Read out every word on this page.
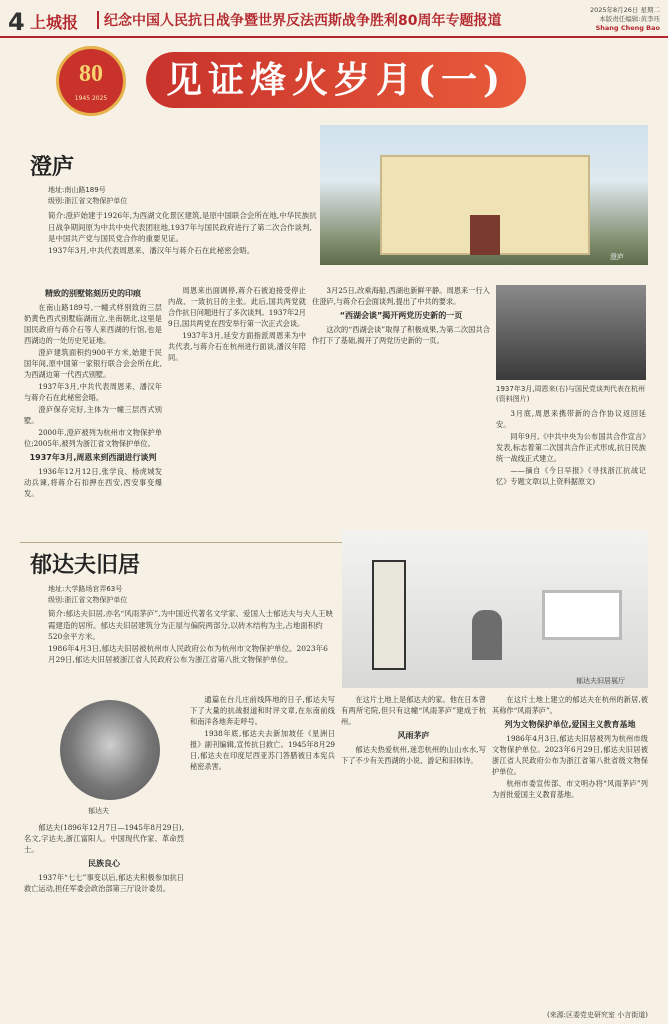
4 上城报 纪念中国人民抗日战争暨世界反法西斯战争胜利80周年专题报道
2025年8月26日 星期二
本版责任编辑:黄李珏
Shang Cheng Bao
80
1945 2025	见证烽火岁月(一)
澄庐

地址:南山路189号

级别:浙江省文物保护单位

简介:澄庐始建于1926年,为西湖文化景区建筑,是原中国联合会所在地,中华民族抗日战争期间原为中共中央代表团驻地,1937年与国民政府进行了第二次合作谈判,是中国共产党与国民党合作的重要见证。

1937年3月,中共代表周恩来、潘汉年与蒋介石在此秘密会晤。

澄庐
精致的别墅铭刻历史的印痕

在南山路189号,一幢式样别致的三层奶黄色西式别墅临湖而立,坐南朝北,这里是国民政府与蒋介石等人来西湖的行馆,也是西湖边的一处历史见证地。

澄庐建筑面积约900平方米,始建于民国年间,原中国第一家银行联合会会所在此,为西湖边第一代西式别墅。

1937年3月,中共代表周恩来、潘汉年与蒋介石在此秘密会晤。

澄庐保存完好,主体为一幢三层西式别墅。

2000年,澄庐被列为杭州市文物保护单位;2005年,被列为浙江省文物保护单位。

1937年3月,周恩来到西湖进行谈判

1936年12月12日,张学良、杨虎城发动兵谏,将蒋介石扣押在西安,西安事变爆发。

周恩来出面调停,蒋介石被迫接受停止内战、一致抗日的主张。此后,国共两党就合作抗日问题进行了多次谈判。1937年2月9日,国共两党在西安举行第一次正式会谈。

1937年3月,延安方面指派周恩来为中共代表,与蒋介石在杭州进行面谈,潘汉年陪同。

3月25日,改乘海船,西湖也新鲜平静。周恩来一行入住澄庐,与蒋介石会面谈判,提出了中共的要求。

“西湖会谈”揭开两党历史新的一页

这次的“西湖会谈”取得了积极成果,为第二次国共合作打下了基础,揭开了两党历史新的一页。

1937年3月,周恩来(右)与国民党谈判代表在杭州(资料图片)

3月底,周恩来携带新的合作协议返回延安。

同年9月,《中共中央为公布国共合作宣言》发表,标志着第二次国共合作正式形成,抗日民族统一战线正式建立。

——摘自《今日早报》《寻找浙江抗战记忆》专题文章(以上资料据原文)

郁达夫旧居

地址:大学路场官弄63号

级别:浙江省文物保护单位

简介:郁达夫旧居,亦名“风雨茅庐”,为中国近代著名文学家、爱国人士郁达夫与夫人王映霞建造的居所。郁达夫旧居建筑分为正屋与偏院两部分,以砖木结构为主,占地面积约520余平方米。

1986年4月3日,郁达夫旧居被杭州市人民政府公布为杭州市文物保护单位。2023年6月29日,郁达夫旧居被浙江省人民政府公布为浙江省第八批文物保护单位。

郁达夫旧居展厅
郁达夫

郁达夫(1896年12月7日—1945年8月29日),名文,字达夫,浙江富阳人。中国现代作家、革命烈士。

民族良心

1937年“七七”事变以后,郁达夫积极参加抗日救亡运动,担任军委会政治部第三厅设计委员。

通篇在台儿庄前线阵地的日子,郁达夫写下了大量的抗战报道和时评文章,在东南前线和南洋各地奔走呼号。

1938年底,郁达夫去新加坡任《星洲日报》副刊编辑,宣传抗日救亡。1945年8月29日,郁达夫在印度尼西亚苏门答腊被日本宪兵秘密杀害。

在这片土地上是郁达夫的家。他在日本曾有两所宅院,但只有这幢“风雨茅庐”建成于杭州。

风雨茅庐

郁达夫热爱杭州,迷恋杭州的山山水水,写下了不少有关西湖的小说、游记和旧体诗。

在这片土地上建立的郁达夫在杭州的新居,被其称作“风雨茅庐”。

列为文物保护单位,爱国主义教育基地

1986年4月3日,郁达夫旧居被列为杭州市级文物保护单位。2023年6月29日,郁达夫旧居被浙江省人民政府公布为浙江省第八批省级文物保护单位。

杭州市委宣传部、市文明办将“风雨茅庐”列为首批爱国主义教育基地。

(来源:区委党史研究室 小言街道)
